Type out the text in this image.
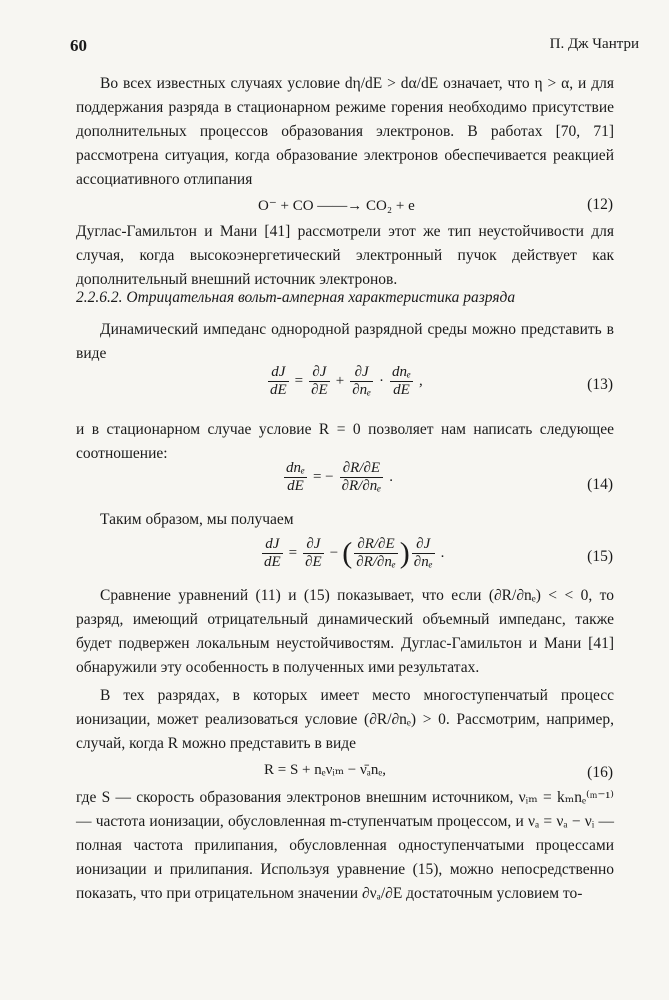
60	П. Дж Чантри
Во всех известных случаях условие dη/dE > dα/dE означает, что η > α, и для поддержания разряда в стационарном режиме горения необходимо присутствие дополнительных процессов образования электронов. В работах [70, 71] рассмотрена ситуация, когда образование электронов обеспечивается реакцией ассоциативного отлипания
O⁻ + CO ——→ CO₂ + e	(12)
Дуглас-Гамильтон и Мани [41] рассмотрели этот же тип неустойчивости для случая, когда высокоэнергетический электронный пучок действует как дополнительный внешний источник электронов.
2.2.6.2. Отрицательная вольт-амперная характеристика разряда
Динамический импеданс однородной разрядной среды можно представить в виде
$\frac{dJ}{dE} = \frac{\partial J}{\partial E} + \frac{\partial J}{\text{∂nₑ}} \cdot \frac{\text{dnₑ}}{dE}$ ,	(13)
и в стационарном случае условие R = 0 позволяет нам написать следующее соотношение:
$\frac{\text{dnₑ}}{dE}$ = − $\frac{\partial R/\partial E}{\text{∂R/∂nₑ}}$ .	(14)
Таким образом, мы получаем
$\frac{dJ}{dE} = \frac{\partial J}{\partial E}$ − ( $\frac{\partial R/\partial E}{\text{∂R/∂nₑ}}$ ) $\frac{\partial J}{\text{∂nₑ}}$ .	(15)
Сравнение уравнений (11) и (15) показывает, что если (∂R/∂nₑ) < < 0, то разряд, имеющий отрицательный динамический объемный импеданс, также будет подвержен локальным неустойчивостям. Дуглас-Гамильтон и Мани [41] обнаружили эту особенность в полученных ими результатах.
В тех разрядах, в которых имеет место многоступенчатый процесс ионизации, может реализоваться условие (∂R/∂nₑ) > 0. Рассмотрим, например, случай, когда R можно представить в виде
R = S + nₑνᵢₘ − ν̄ₐnₑ,	(16)
где S — скорость образования электронов внешним источником, νᵢₘ = kₘnₑ⁽ᵐ⁻¹⁾ — частота ионизации, обусловленная m-ступенчатым процессом, и νₐ = νₐ − νᵢ — полная частота прилипания, обусловленная одноступенчатыми процессами ионизации и прилипания. Используя уравнение (15), можно непосредственно показать, что при отрицательном значении ∂νₐ/∂E достаточным условием то-
